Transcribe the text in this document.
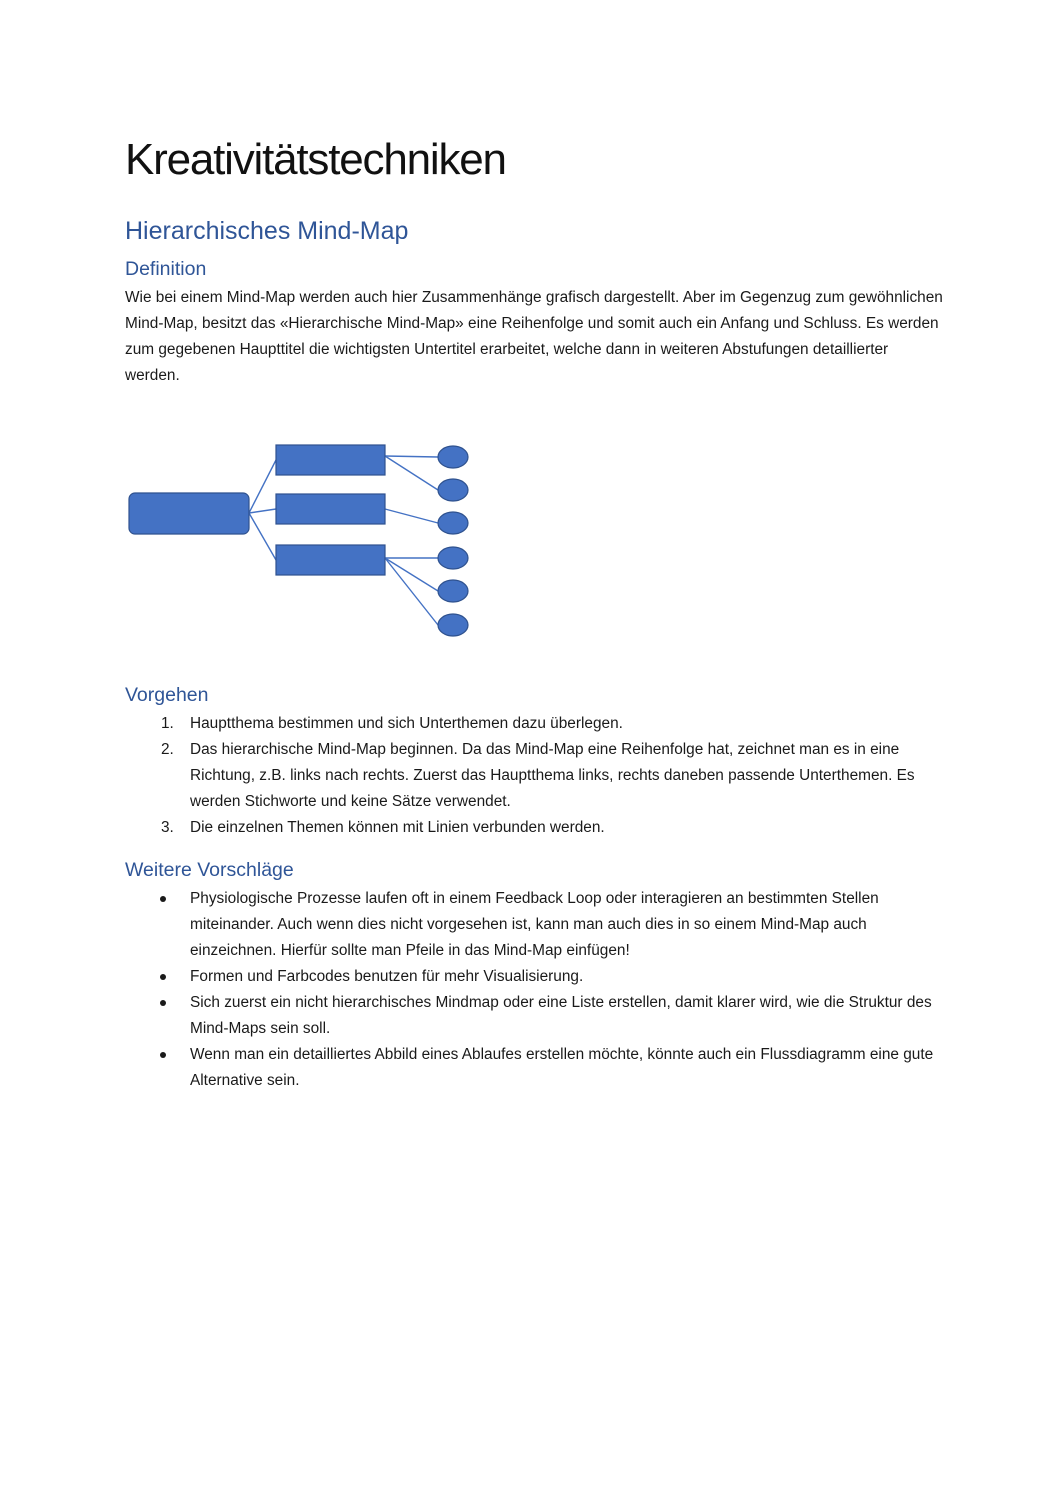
Kreativitätstechniken
Hierarchisches Mind-Map
Definition

Wie bei einem Mind-Map werden auch hier Zusammenhänge grafisch dargestellt. Aber im Gegenzug zum gewöhnlichen Mind-Map, besitzt das «Hierarchische Mind-Map» eine Reihenfolge und somit auch ein Anfang und Schluss. Es werden zum gegebenen Haupttitel die wichtigsten Untertitel erarbeitet, welche dann in weiteren Abstufungen detaillierter werden.

Vorgehen
1. Hauptthema bestimmen und sich Unterthemen dazu überlegen.
2. Das hierarchische Mind-Map beginnen. Da das Mind-Map eine Reihenfolge hat, zeichnet man es in eine Richtung, z.B. links nach rechts. Zuerst das Hauptthema links, rechts daneben passende Unterthemen. Es werden Stichworte und keine Sätze verwendet.
3. Die einzelnen Themen können mit Linien verbunden werden.
Weitere Vorschläge
Physiologische Prozesse laufen oft in einem Feedback Loop oder interagieren an bestimmten Stellen miteinander. Auch wenn dies nicht vorgesehen ist, kann man auch dies in so einem Mind-Map auch einzeichnen. Hierfür sollte man Pfeile in das Mind-Map einfügen!
Formen und Farbcodes benutzen für mehr Visualisierung.
Sich zuerst ein nicht hierarchisches Mindmap oder eine Liste erstellen, damit klarer wird, wie die Struktur des Mind-Maps sein soll.
Wenn man ein detailliertes Abbild eines Ablaufes erstellen möchte, könnte auch ein Flussdiagramm eine gute Alternative sein.
